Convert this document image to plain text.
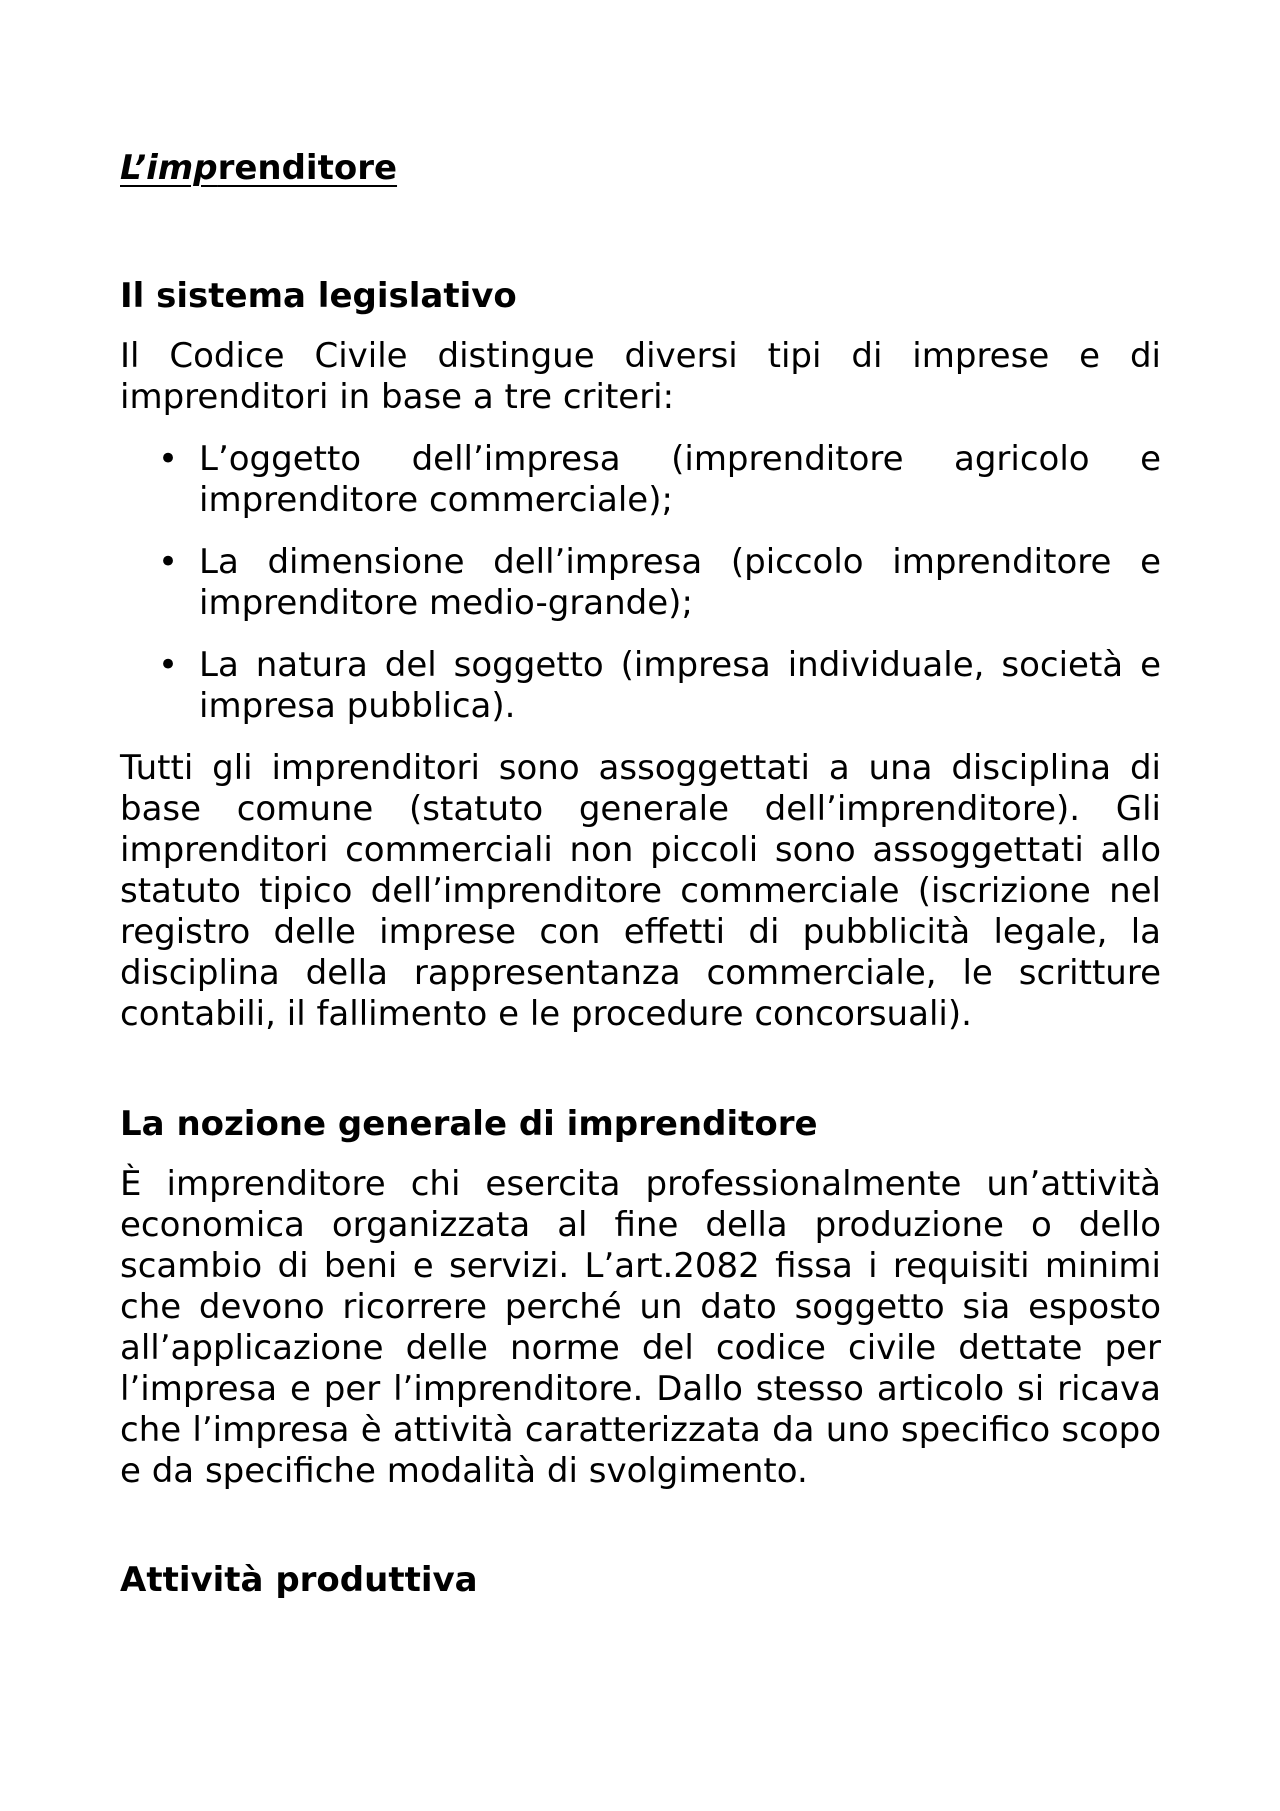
L’imprenditore
Il sistema legislativo

Il Codice Civile distingue diversi tipi di imprese e di imprenditori in base a tre criteri:

• L’oggetto dell’impresa (imprenditore agricolo e imprenditore commerciale);
• La dimensione dell’impresa (piccolo imprenditore e imprenditore medio-grande);
• La natura del soggetto (impresa individuale, società e impresa pubblica).

Tutti gli imprenditori sono assoggettati a una disciplina di base comune (statuto generale dell’imprenditore). Gli imprenditori commerciali non piccoli sono assoggettati allo statuto tipico dell’imprenditore commerciale (iscrizione nel registro delle imprese con effetti di pubblicità legale, la disciplina della rappresentanza commerciale, le scritture contabili, il fallimento e le procedure concorsuali).

La nozione generale di imprenditore

È imprenditore chi esercita professionalmente un’attività economica organizzata al fine della produzione o dello scambio di beni e servizi. L’art.2082 fissa i requisiti minimi che devono ricorrere perché un dato soggetto sia esposto all’applicazione delle norme del codice civile dettate per l’impresa e per l’imprenditore. Dallo stesso articolo si ricava che l’impresa è attività caratterizzata da uno specifico scopo e da specifiche modalità di svolgimento.

Attività produttiva
